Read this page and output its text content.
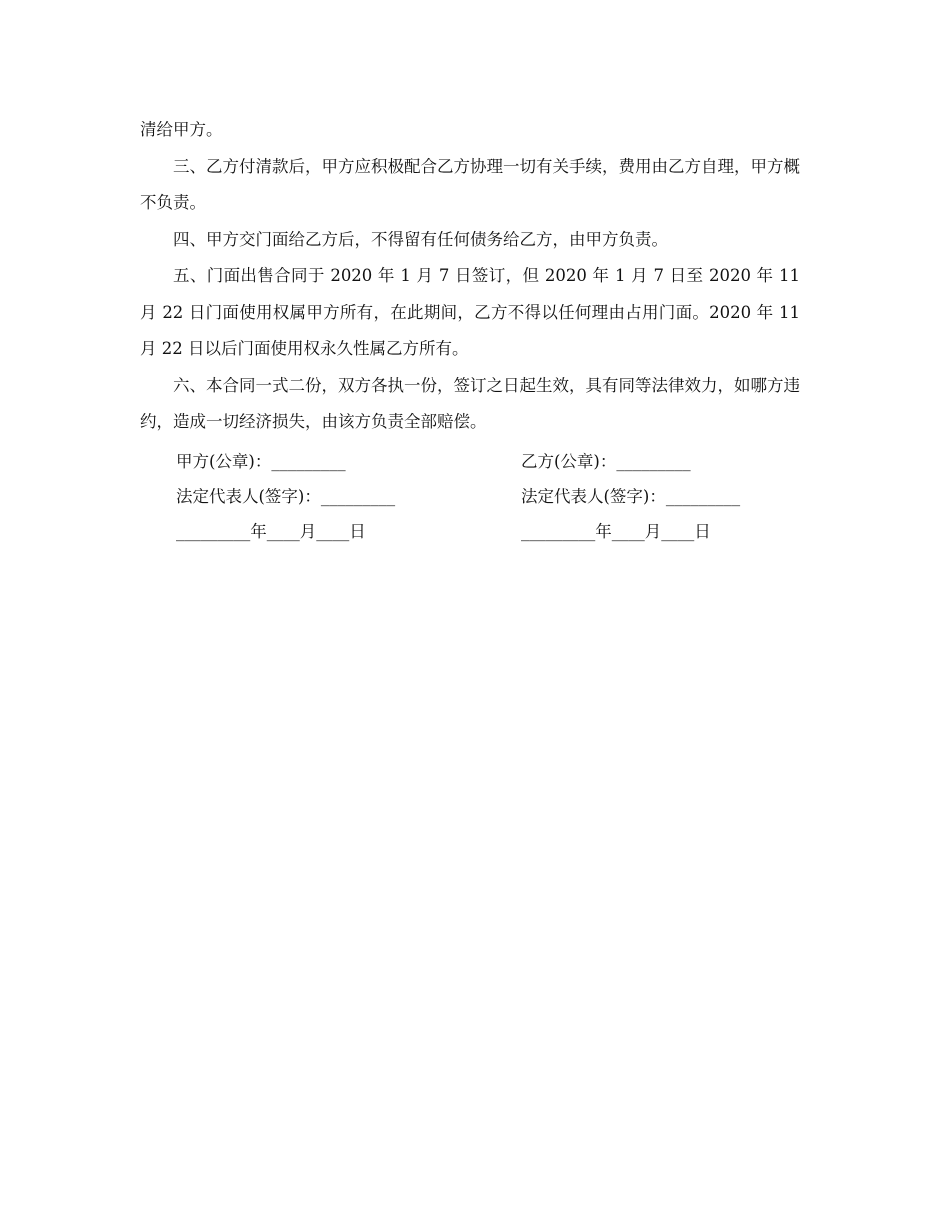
清给甲方。

三、乙方付清款后，甲方应积极配合乙方协理一切有关手续，费用由乙方自理，甲方概不负责。

四、甲方交门面给乙方后，不得留有任何债务给乙方，由甲方负责。

五、门面出售合同于 2020 年 1 月 7 日签订，但 2020 年 1 月 7 日至 2020 年 11 月 22 日门面使用权属甲方所有，在此期间，乙方不得以任何理由占用门面。2020 年 11 月 22 日以后门面使用权永久性属乙方所有。

六、本合同一式二份，双方各执一份，签订之日起生效，具有同等法律效力，如哪方违约，造成一切经济损失，由该方负责全部赔偿。

甲方(公章)：_________	乙方(公章)：_________
法定代表人(签字)：_________	法定代表人(签字)：_________
_________年____月____日	_________年____月____日
